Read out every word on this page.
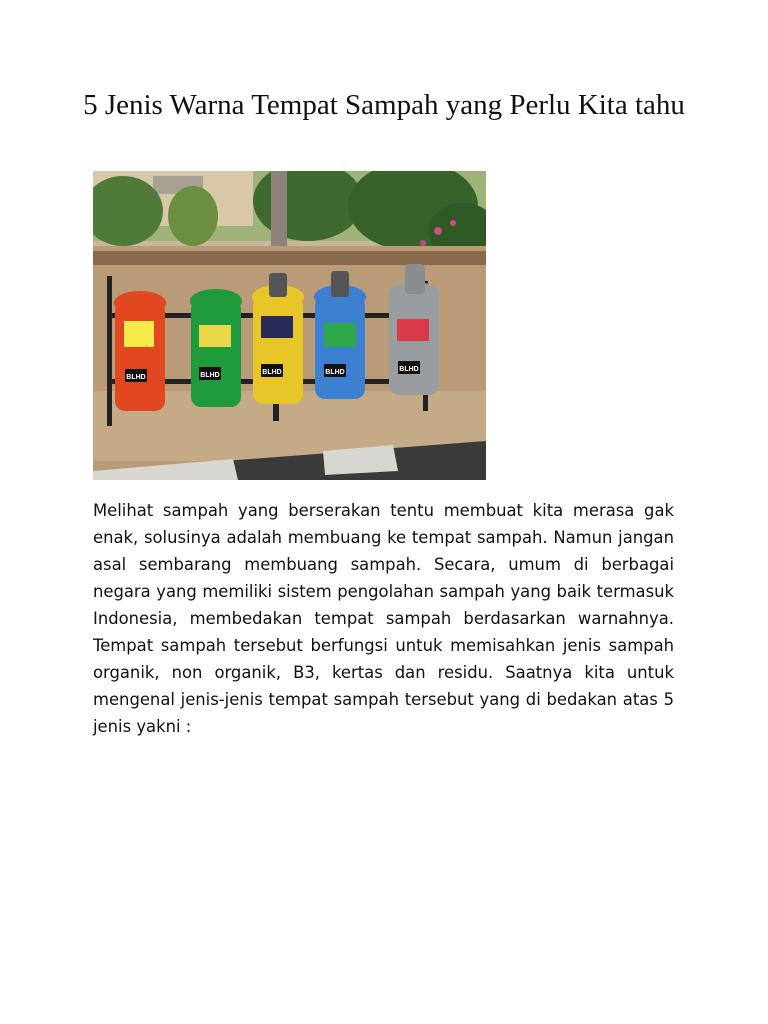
5 Jenis Warna Tempat Sampah yang Perlu Kita tahu
BLHD	BLHD	BLHD	BLHD	BLHD

Melihat sampah yang berserakan tentu membuat kita merasa gak enak, solusinya adalah membuang ke tempat sampah. Namun jangan asal sembarang membuang sampah. Secara, umum di berbagai negara yang memiliki sistem pengolahan sampah yang baik termasuk Indonesia, membedakan tempat sampah berdasarkan warnahnya. Tempat sampah tersebut berfungsi untuk memisahkan jenis sampah organik, non organik, B3, kertas dan residu. Saatnya kita untuk mengenal jenis-jenis tempat sampah tersebut yang di bedakan atas 5 jenis yakni :
